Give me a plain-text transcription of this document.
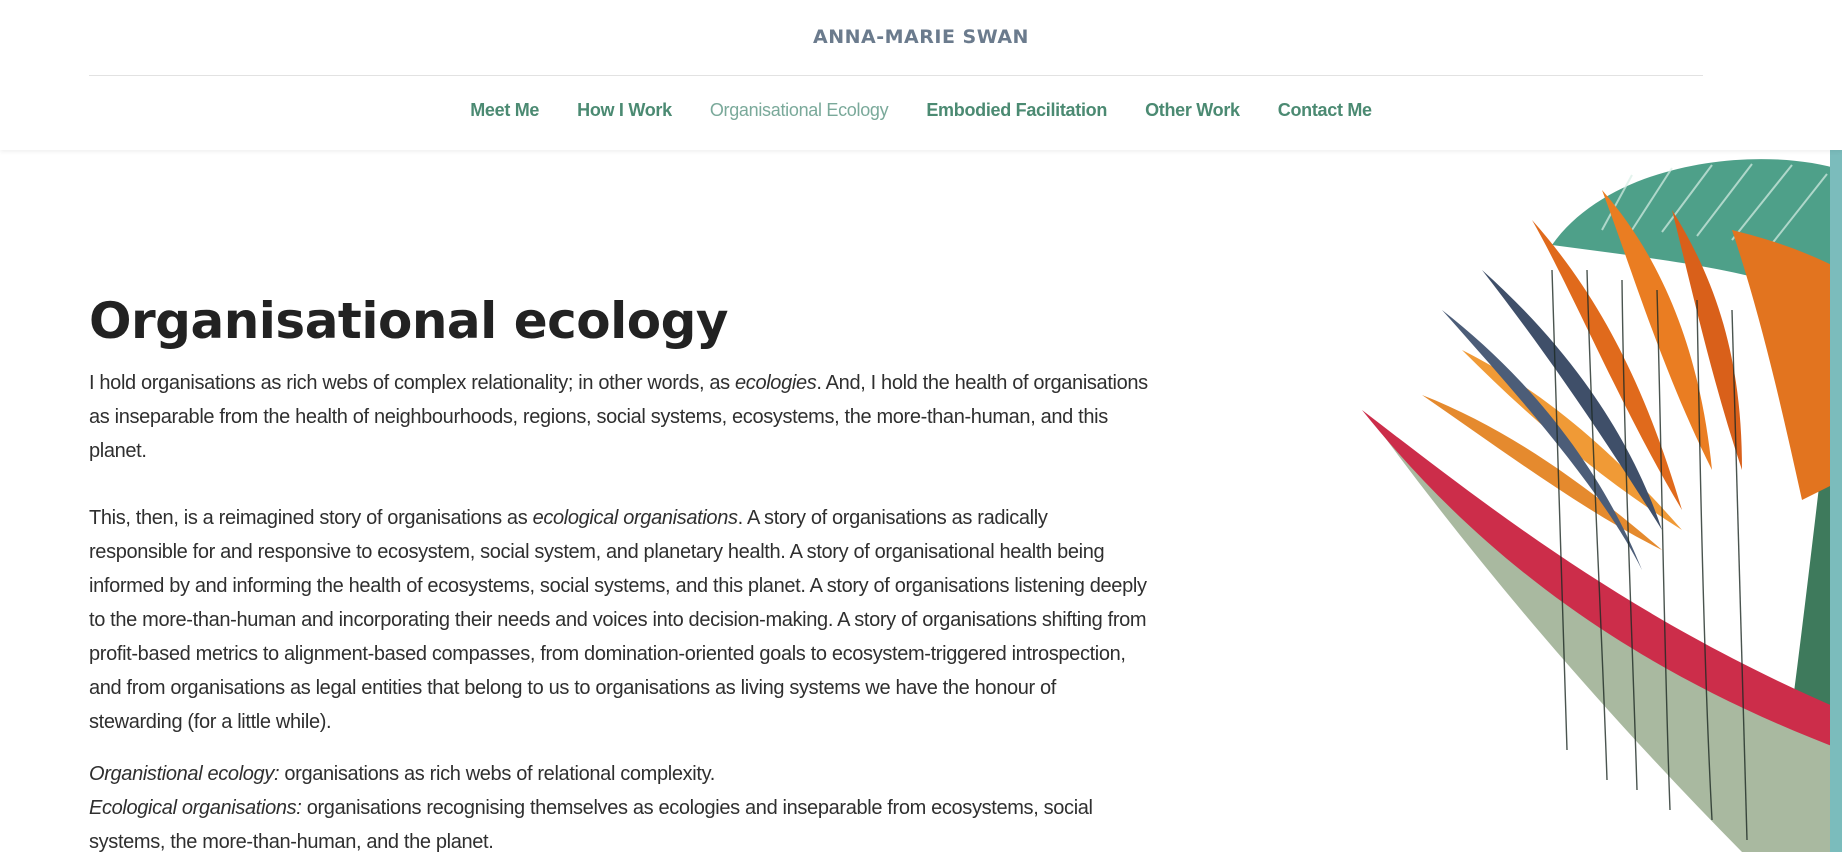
ANNA-MARIE SWAN
Meet Me How I Work Organisational Ecology Embodied Facilitation Other Work Contact Me
Organisational ecology

I hold organisations as rich webs of complex relationality; in other words, as ecologies. And, I hold the health of organisations as inseparable from the health of neighbourhoods, regions, social systems, ecosystems, the more-than-human, and this planet.

This, then, is a reimagined story of organisations as ecological organisations. A story of organisations as radically responsible for and responsive to ecosystem, social system, and planetary health. A story of organisational health being informed by and informing the health of ecosystems, social systems, and this planet. A story of organisations listening deeply to the more-than-human and incorporating their needs and voices into decision-making. A story of organisations shifting from profit-based metrics to alignment-based compasses, from domination-oriented goals to ecosystem-triggered introspection, and from organisations as legal entities that belong to us to organisations as living systems we have the honour of stewarding (for a little while).

Organistional ecology: organisations as rich webs of relational complexity.
Ecological organisations: organisations recognising themselves as ecologies and inseparable from ecosystems, social systems, the more-than-human, and the planet.
